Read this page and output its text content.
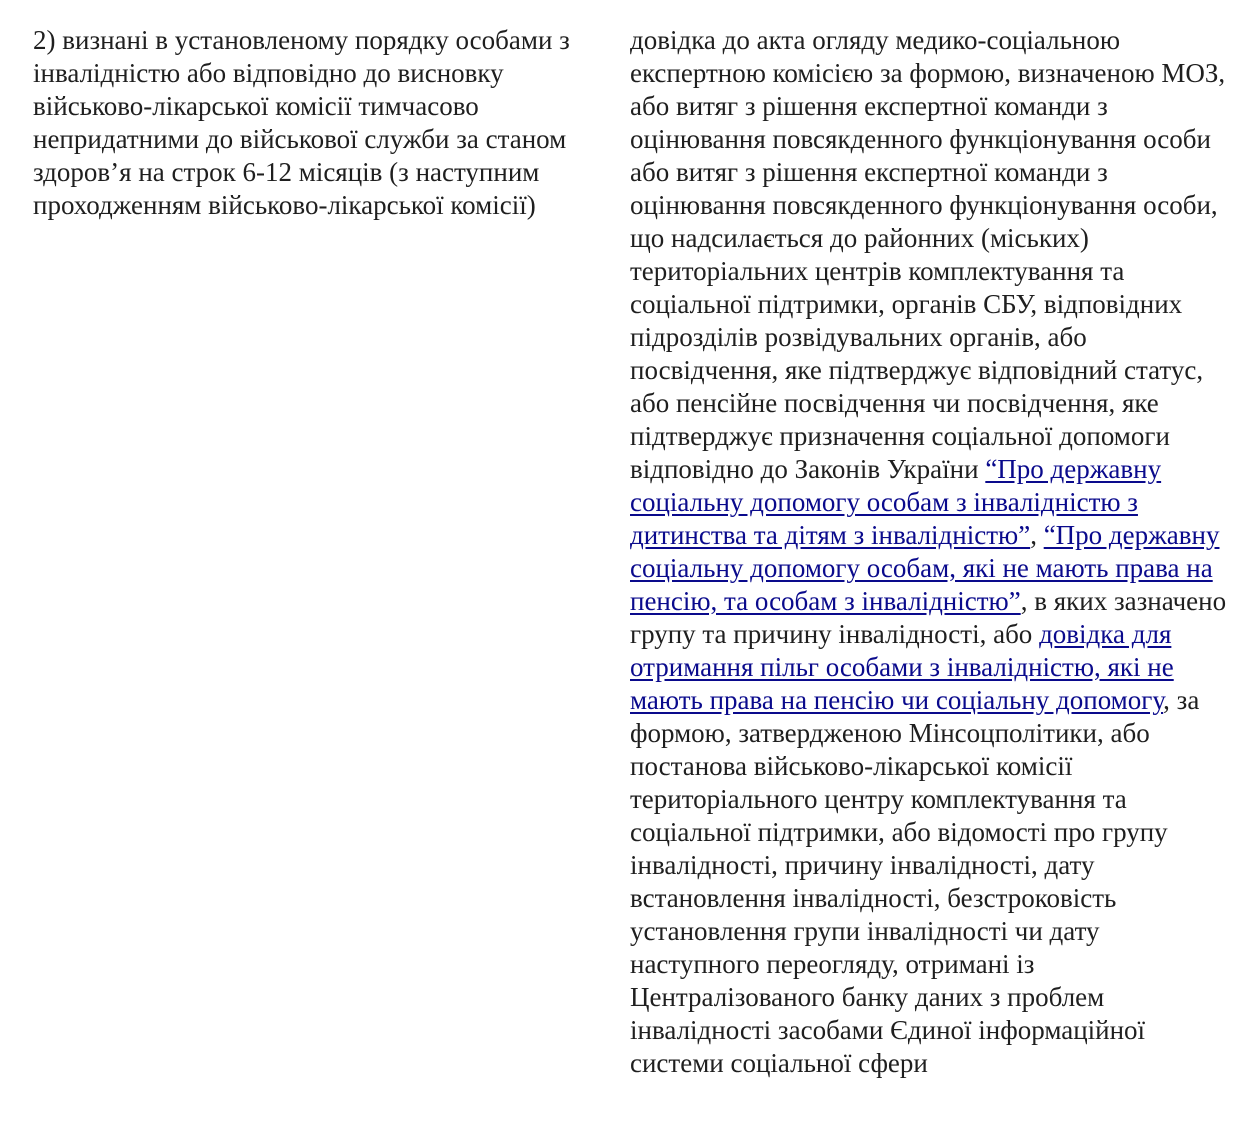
2) визнані в установленому порядку особами з інвалідністю або відповідно до висновку військово-лікарської комісії тимчасово непридатними до військової служби за станом здоров’я на строк 6-12 місяців (з наступним проходженням військово-лікарської комісії)

довідка до акта огляду медико-соціальною експертною комісією за формою, визначеною МОЗ, або витяг з рішення експертної команди з оцінювання повсякденного функціонування особи або витяг з рішення експертної команди з оцінювання повсякденного функціонування особи, що надсилається до районних (міських) територіальних центрів комплектування та соціальної підтримки, органів СБУ, відповідних підрозділів розвідувальних органів, або посвідчення, яке підтверджує відповідний статус, або пенсійне посвідчення чи посвідчення, яке підтверджує призначення соціальної допомоги відповідно до Законів України “Про державну соціальну допомогу особам з інвалідністю з дитинства та дітям з інвалідністю”, “Про державну соціальну допомогу особам, які не мають права на пенсію, та особам з інвалідністю”, в яких зазначено групу та причину інвалідності, або довідка для отримання пільг особами з інвалідністю, які не мають права на пенсію чи соціальну допомогу, за формою, затвердженою Мінсоцполітики, або постанова військово-лікарської комісії територіального центру комплектування та соціальної підтримки, або відомості про групу інвалідності, причину інвалідності, дату встановлення інвалідності, безстроковість установлення групи інвалідності чи дату наступного переогляду, отримані із Централізованого банку даних з проблем інвалідності засобами Єдиної інформаційної системи соціальної сфери
